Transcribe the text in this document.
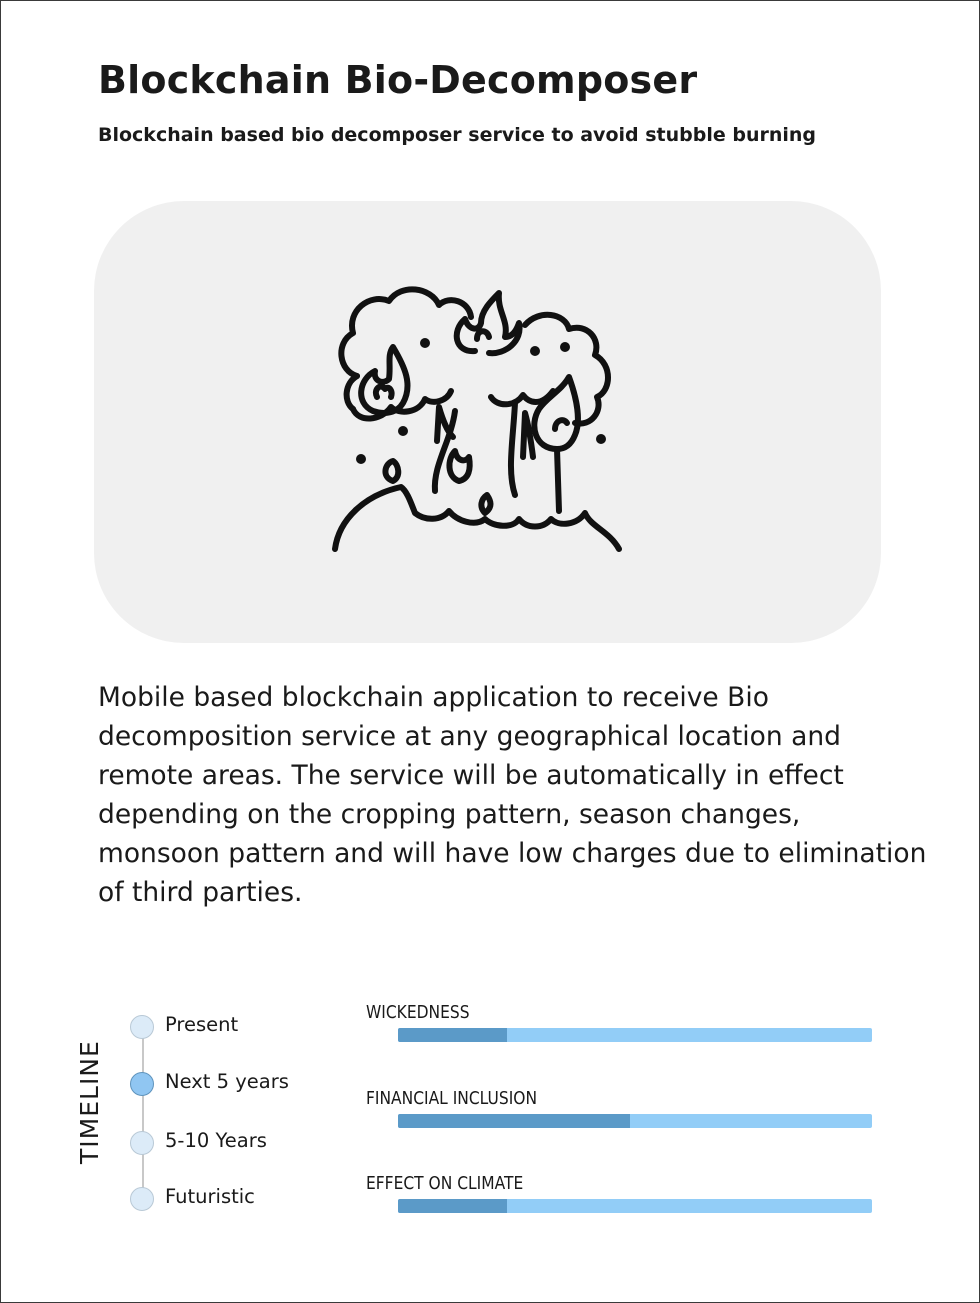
Blockchain Bio-Decomposer

Blockchain based bio decomposer service to avoid stubble burning

Mobile based blockchain application to receive Bio decomposition service at any geographical location and remote areas. The service will be automatically in effect depending on the cropping pattern, season changes, monsoon pattern and will have low charges due to elimination of third parties.

TIMELINE
Present
Next 5 years
5-10 Years
Futuristic
WICKEDNESS
FINANCIAL INCLUSION
EFFECT ON CLIMATE
